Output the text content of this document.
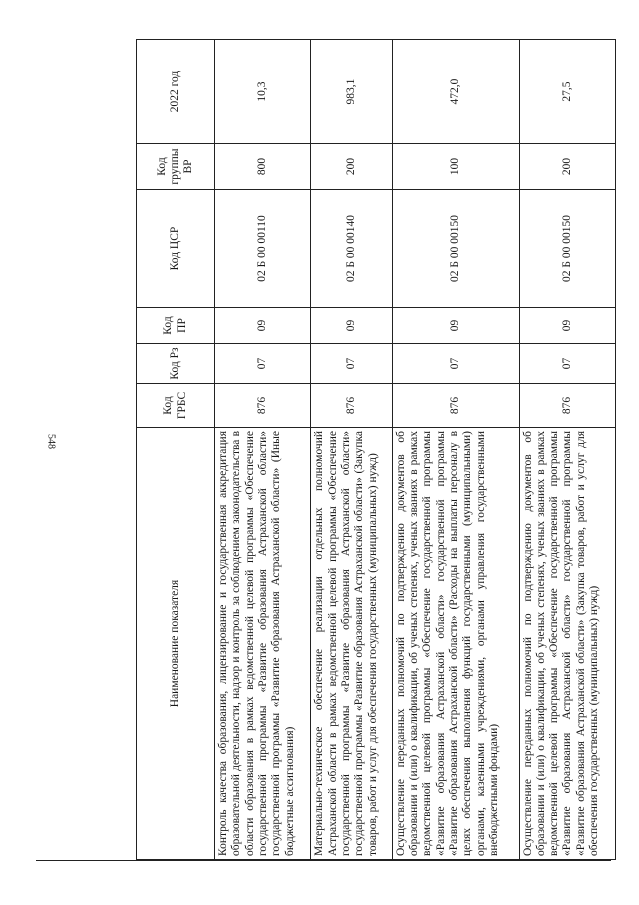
548
Наименование показателя	Код ГРБС	Код Рз	Код ПР	Код ЦСР	Код группы ВР	2022 год
Контроль качества образования, лицензирование и государственная аккредитация образовательной деятельности, надзор и контроль за соблюдением законодательства в области образования в рамках ведомственной целевой программы «Обеспечение государственной программы «Развитие образования Астраханской области» государственной программы «Развитие образования Астраханской области» (Иные бюджетные ассигнования)	876	07	09	02 Б 00 00110	800	10,3
Материально-техническое обеспечение реализации отдельных полномочий Астраханской области в рамках ведомственной целевой программы «Обеспечение государственной программы «Развитие образования Астраханской области» государственной программы «Развитие образования Астраханской области» (Закупка товаров, работ и услуг для обеспечения государственных (муниципальных) нужд)	876	07	09	02 Б 00 00140	200	983,1
Осуществление переданных полномочий по подтверждению документов об образовании и (или) о квалификации, об ученых степенях, ученых званиях в рамках ведомственной целевой программы «Обеспечение государственной программы «Развитие образования Астраханской области» государственной программы «Развитие образования Астраханской области» (Расходы на выплаты персоналу в целях обеспечения выполнения функций государственными (муниципальными) органами, казенными учреждениями, органами управления государственными внебюджетными фондами)	876	07	09	02 Б 00 00150	100	472,0
Осуществление переданных полномочий по подтверждению документов об образовании и (или) о квалификации, об ученых степенях, ученых званиях в рамках ведомственной целевой программы «Обеспечение государственной программы «Развитие образования Астраханской области» государственной программы «Развитие образования Астраханской области» (Закупка товаров, работ и услуг для обеспечения государственных (муниципальных) нужд)	876	07	09	02 Б 00 00150	200	27,5
